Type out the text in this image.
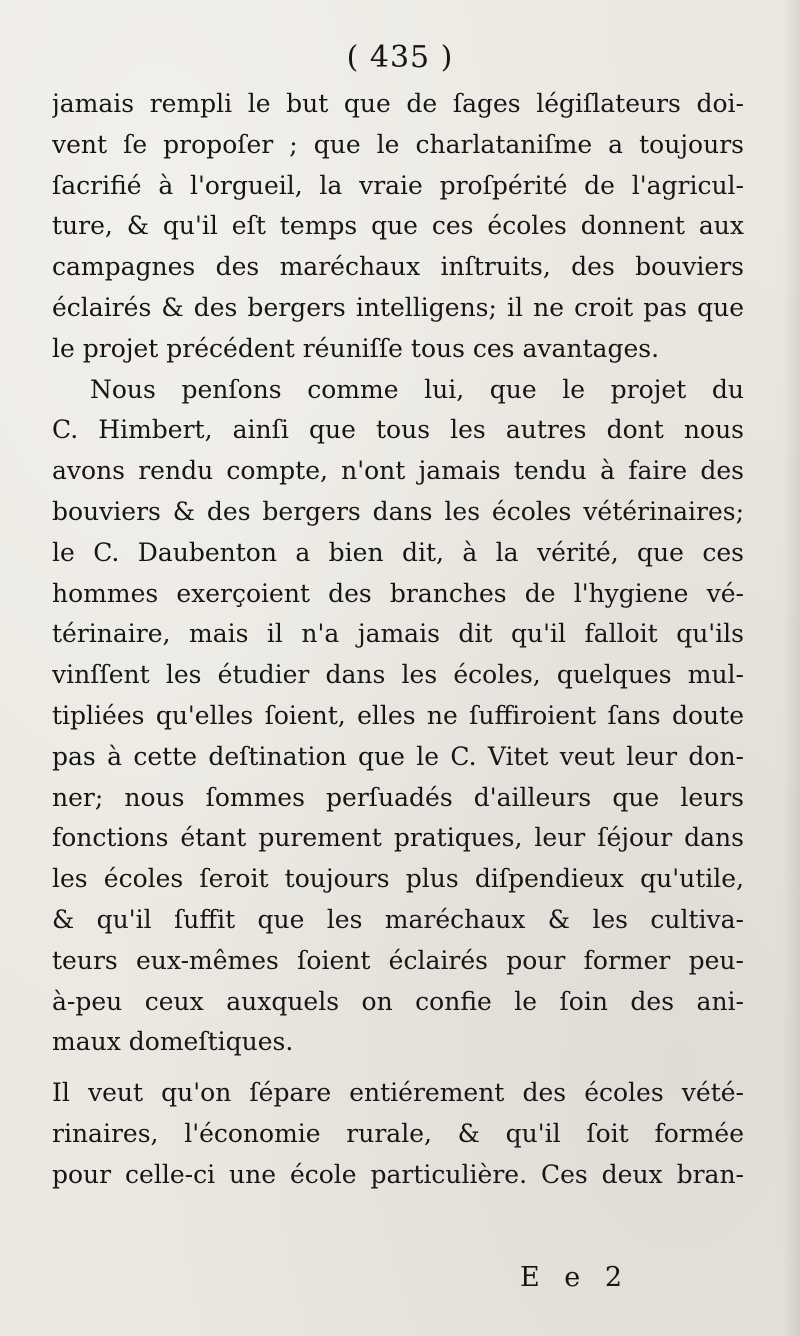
( 435 )
jamais rempli le but que de ſages légiſlateurs doi-
vent ſe propoſer ; que le charlataniſme a toujours
ſacrifié à l'orgueil, la vraie proſpérité de l'agricul-
ture, & qu'il eſt temps que ces écoles donnent aux
campagnes des maréchaux inſtruits, des bouviers
éclairés & des bergers intelligens; il ne croit pas que
le projet précédent réuniſſe tous ces avantages.
Nous penſons comme lui, que le projet du
C. Himbert, ainſi que tous les autres dont nous
avons rendu compte, n'ont jamais tendu à faire des
bouviers & des bergers dans les écoles vétérinaires;
le C. Daubenton a bien dit, à la vérité, que ces
hommes exerçoient des branches de l'hygiene vé-
térinaire, mais il n'a jamais dit qu'il falloit qu'ils
vinſſent les étudier dans les écoles, quelques mul-
tipliées qu'elles ſoient, elles ne ſuffiroient ſans doute
pas à cette deſtination que le C. Vitet veut leur don-
ner; nous ſommes perſuadés d'ailleurs que leurs
fonctions étant purement pratiques, leur ſéjour dans
les écoles ſeroit toujours plus diſpendieux qu'utile,
& qu'il ſuffit que les maréchaux & les cultiva-
teurs eux-mêmes ſoient éclairés pour former peu-
à-peu ceux auxquels on confie le ſoin des ani-
maux domeſtiques.
Il veut qu'on ſépare entiérement des écoles vété-
rinaires, l'économie rurale, & qu'il ſoit formée
pour celle-ci une école particulière. Ces deux bran-
E e 2
